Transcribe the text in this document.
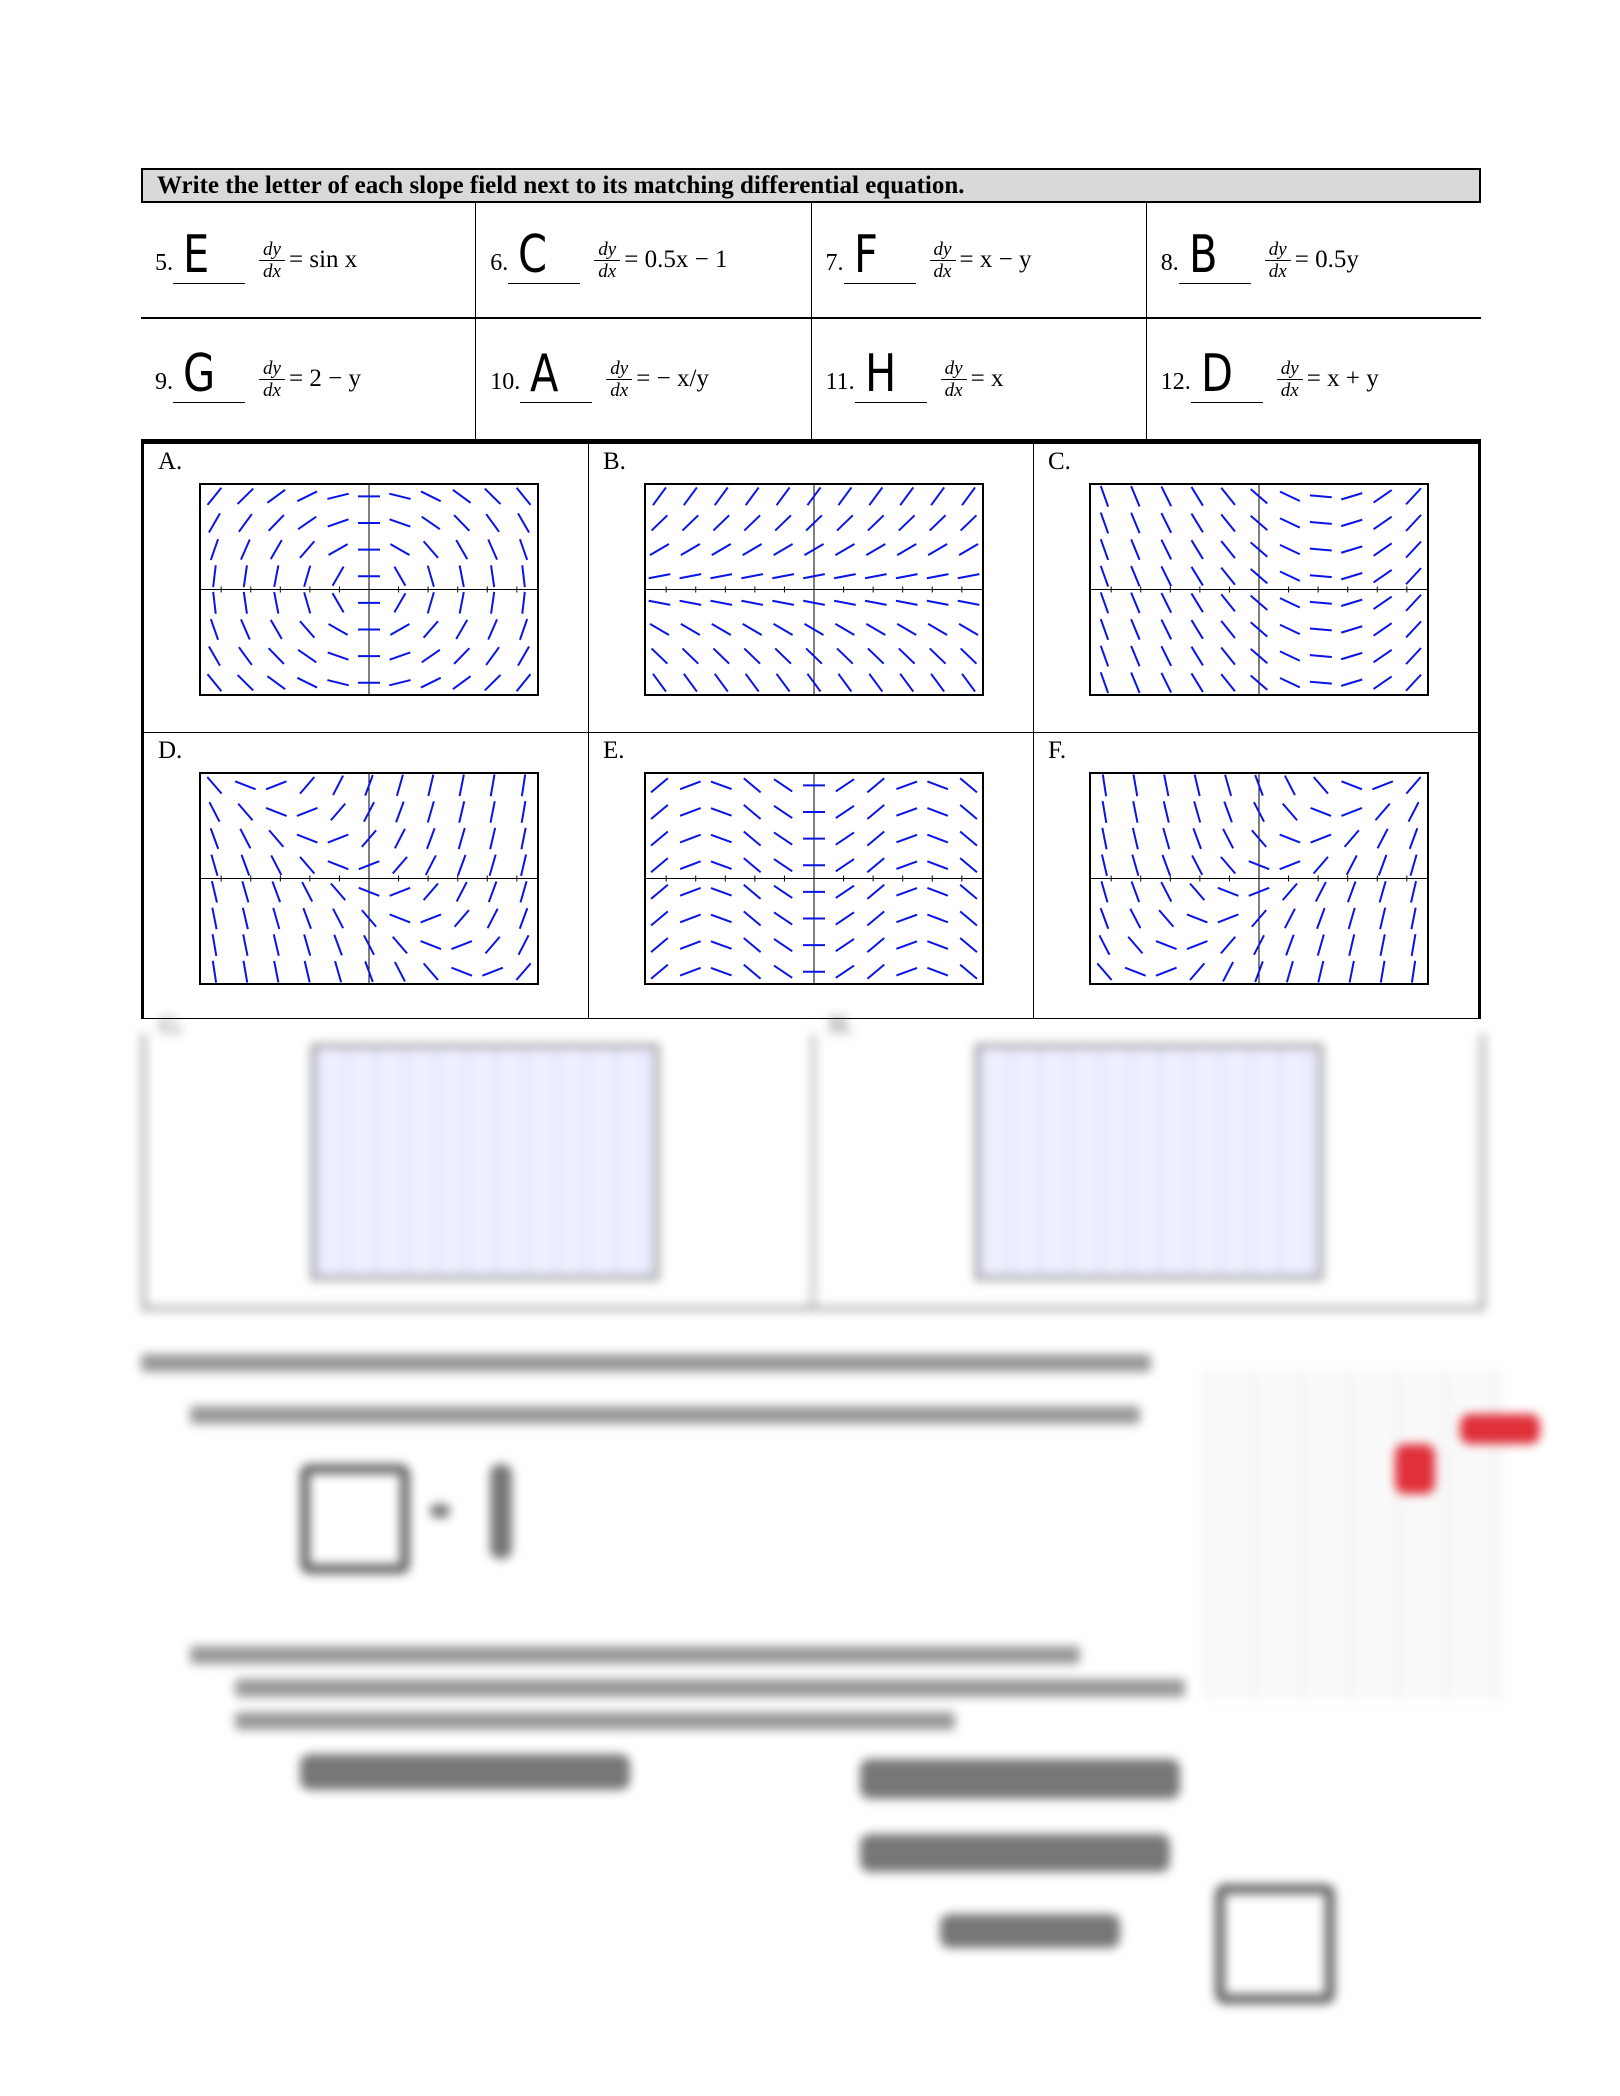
Write the letter of each slope field next to its matching differential equation.
5. E	$\frac{dy}{dx} = \sin x$	6. C $\frac{dy}{dx} = 0.5x - 1$	7. F	$\frac{dy}{dx} = x - y$	8. B $\frac{dy}{dx} = 0.5y$
9. G $\frac{dy}{dx} = 2 - y$	10. A	$\frac{dy}{dx}$ = − x/y	11. H $\frac{dy}{dx} = x$	12. D $\frac{dy}{dx} = x + y$
A.	B.	C.
D.	E.	F.
G.	H.
